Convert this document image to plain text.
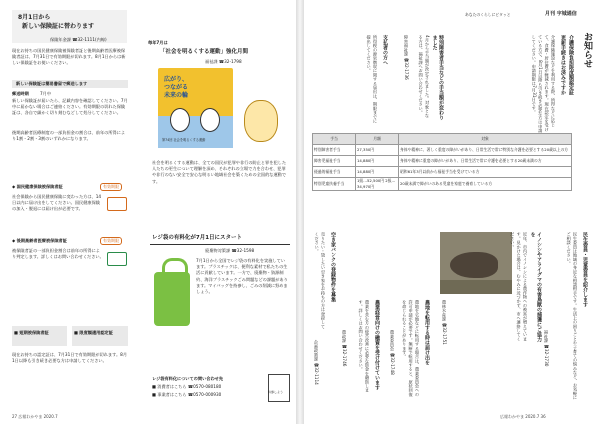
8月1日から
新しい保険証に替わります
保険年金課 ☎32-1111(内線)
現在お持ちの国民健康保険被保険者証と後期高齢者医療被保険者証は、7月31日で有効期限が切れます。8月1日からは新しい保険証をお使いください。
新しい保険証は簡易書留で郵送します
郵送時期	7月中
新しい保険証が届いたら、記載内容を確認してください。7月中に届かない場合はご連絡ください。有効期限の切れた保険証は、各自で細かく切り刻むなどして処分してください。
後期高齢者医療制度の一部負担金の割合は、前年の所得により1割・2割・3割のいずれかになります。
◆ 国民健康保険被保険者証	有効期限
社会保険から国民健康保険に変わった方は、14日以内に届け出をしてください。国民健康保険の加入・脱退には届け出が必要です。
◆ 後期高齢者医療被保険者証	有効期限
被保険者証の一部負担金割合は前年の所得により判定します。詳しくはお問い合わせください。
■ 短期被保険者証	■ 限度額適用認定証
現在お持ちの認定証は、7月31日で有効期限が切れます。8月1日以降も引き続き必要な方は申請してください。
毎年7月は
「社会を明るくする運動」強化月間
福祉課 ☎32-1798
広がり、
つながる
未来の輪
第74回 社会を明るくする運動
社会を明るくする運動は、全ての国民が犯罪や非行の防止と罪を犯した人たちの更生について理解を深め、それぞれの立場で力を合わせ、犯罪や非行のない安全で安心な明るい地域社会を築くための全国的な運動です。
レジ袋の有料化が7月1日にスタート
廃棄物対策課 ☎32-1598
7月1日から全国でレジ袋の有料化を実施しています。プラスチックは、便利な素材で私たちの生活に貢献しています。一方で、廃棄物・資源制約、海洋プラスチックごみ問題などの課題があります。マイバッグを持参し、ごみの削減に努めましょう。
レジ袋有料化についての問い合わせ先
■ 消費者はこちら ☎0570-080180
■ 事業者はこちら ☎0570-000930	持参しよう
27 広報わかやま 2020.7
あなたのくらしにピタッと	月刊 宇城通信
お知らせ
介護保険負担限度額認定証
更新手続きはお済みですか
介護保険施設などを利用する際、所得などに応じて、食費・居住費が軽減されます。現在認定を受けている方で、8月1日以降も引き続き必要な方は申請してください。申請期限は7月31日です。
特別障害者手当などの手当額が変わりました
4月から手当額が改定されました。対象となる方は、福祉課へお問い合わせください。
障害福祉課 ☎32-1736
支払者の方へ
所得税の源泉徴収に関する届出は、期限までに提出してください。
手当	月額	対象
特別障害者手当	27,350円	身体や精神に、著しく重度の障がいがあり、日常生活で常に特別な介護を必要とする20歳以上の方
障害児福祉手当	14,880円	身体や精神に重度の障がいがあり、日常生活で常に介護を必要とする20歳未満の方
経過的福祉手当	14,880円	昭和61年3月以前から福祉手当を受けている方
特別児童扶養手当	1級…52,500円 2級…34,970円	20歳未満で障がいのある児童を家庭で養育している方
イノシシやアライグマの有害鳥獣の捕獲にご協力を
近年、市内でイノシシによる農作物への被害が増えています。見かけた場合は、むやみに近づかず、市へ連絡してください。
農林水産課 ☎32-1751
民生委員・児童委員を紹介します
民生委員は地域の身近な相談相手です。生活上の困りごとや子育ての悩みなど、お気軽にご相談ください。
福祉課 ☎32-1730
農地を転用する時は届け出を
農地を宅地などに転用する場合は、農業委員会への許可申請が必要です。無断で転用すると、原状回復を命じられることがあります。
農業委員会 ☎32-1748
農業経営向けの融資を受け付けています
農業を営む方の経営改善に必要な資金を融資します。詳しくはお問い合わせください。
農政課 ☎32-1746
空き家バンクの登録物件を募集
売りたい・貸したい空き家をお持ちの方は登録してください。
企画政策課 ☎32-1114
広報わかやま 2020.7 36
